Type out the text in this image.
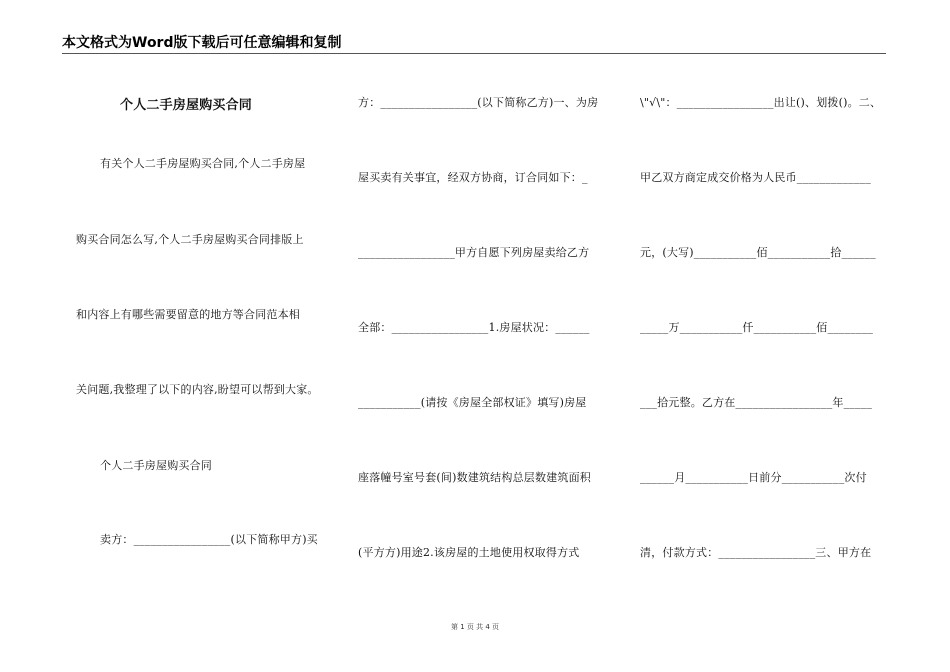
本文格式为Word版下载后可任意编辑和复制
个人二手房屋购买合同
有关个人二手房屋购买合同,个人二手房屋
购买合同怎么写,个人二手房屋购买合同排版上
和内容上有哪些需要留意的地方等合同范本相
关问题,我整理了以下的内容,盼望可以帮到大家。
个人二手房屋购买合同
卖方：_________________(以下简称甲方)买
方：_________________(以下简称乙方)一、为房
屋买卖有关事宜，经双方协商，订合同如下：_
_________________甲方自愿下列房屋卖给乙方
全部：_________________1.房屋状况：______
___________(请按《房屋全部权证》填写)房屋
座落幢号室号套(间)数建筑结构总层数建筑面积
(平方方)用途2.该房屋的土地使用权取得方式
\"√\"：_________________出让()、划拨()。二、
甲乙双方商定成交价格为人民币_____________
元，(大写)___________佰___________拾______
_____万___________仟___________佰________
___拾元整。乙方在_________________年_____
______月___________日前分___________次付
清，付款方式：_________________三、甲方在
第 1 页 共 4 页
